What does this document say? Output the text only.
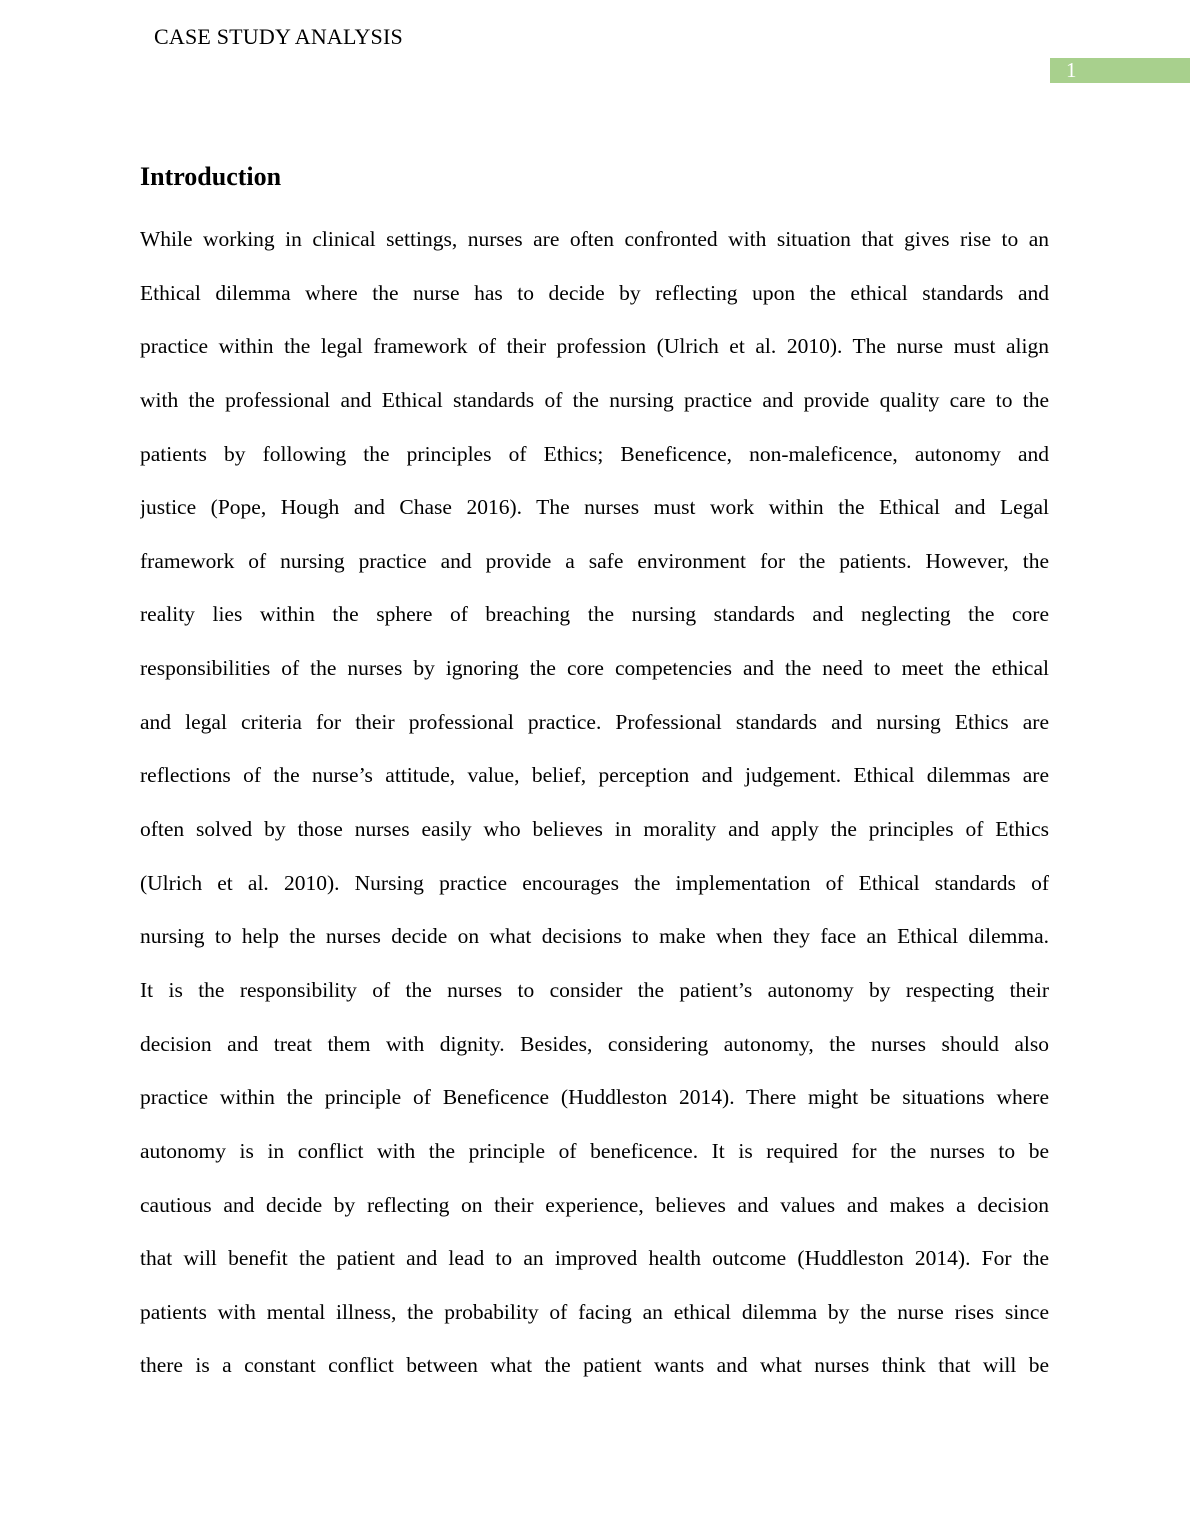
CASE STUDY ANALYSIS
1
Introduction
While working in clinical settings, nurses are often confronted with situation that gives rise to an
Ethical dilemma where the nurse has to decide by reflecting upon the ethical standards and
practice within the legal framework of their profession (Ulrich et al. 2010). The nurse must align
with the professional and Ethical standards of the nursing practice and provide quality care to the
patients by following the principles of Ethics; Beneficence, non-maleficence, autonomy and
justice (Pope, Hough and Chase 2016). The nurses must work within the Ethical and Legal
framework of nursing practice and provide a safe environment for the patients. However, the
reality lies within the sphere of breaching the nursing standards and neglecting the core
responsibilities of the nurses by ignoring the core competencies and the need to meet the ethical
and legal criteria for their professional practice. Professional standards and nursing Ethics are
reflections of the nurse’s attitude, value, belief, perception and judgement. Ethical dilemmas are
often solved by those nurses easily who believes in morality and apply the principles of Ethics
(Ulrich et al. 2010). Nursing practice encourages the implementation of Ethical standards of
nursing to help the nurses decide on what decisions to make when they face an Ethical dilemma.
It is the responsibility of the nurses to consider the patient’s autonomy by respecting their
decision and treat them with dignity. Besides, considering autonomy, the nurses should also
practice within the principle of Beneficence (Huddleston 2014). There might be situations where
autonomy is in conflict with the principle of beneficence. It is required for the nurses to be
cautious and decide by reflecting on their experience, believes and values and makes a decision
that will benefit the patient and lead to an improved health outcome (Huddleston 2014). For the
patients with mental illness, the probability of facing an ethical dilemma by the nurse rises since
there is a constant conflict between what the patient wants and what nurses think that will be
